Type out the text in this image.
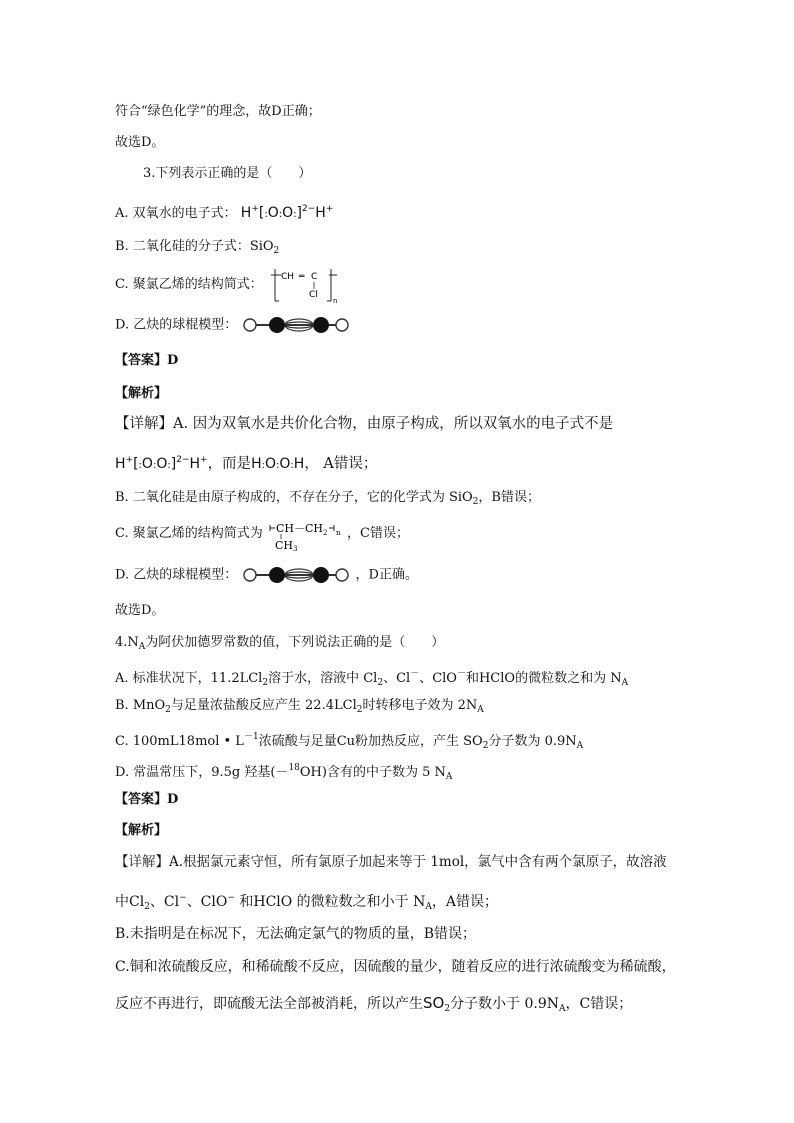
符合“绿色化学”的理念，故D正确；
故选D。
3.下列表示正确的是（　　）
A. 双氧水的电子式： H+[:O:O:]$^{2-}$H+
B. 二氧化硅的分子式：SiO$_2$
C. 聚氯乙烯的结构简式：
CH ═ C
Cl
n
D. 乙炔的球棍模型：
【答案】D
【解析】
【详解】A. 因为双氧水是共价化合物，由原子构成，所以双氧水的电子式不是
H+[:O:O:]$^{2-}$H+，而是H:O:O:H， A错误；
B. 二氧化硅是由原子构成的，不存在分子，它的化学式为 SiO$_2$，B错误；
C. 聚氯乙烯的结构简式为 CH－CH 2 n
CH 3
，C错误；
D. 乙炔的球棍模型：	，D正确。
故选D。
$4.N_A$为阿伏加德罗常数的值，下列说法正确的是（　　）
A. 标准状况下，11.2LCl$_2$溶于水，溶液中 $Cl_2$、Cl－、ClO－和HClO的微粒数之和为 $N_A$
B. MnO$_2$与足量浓盐酸反应产生 22.4LCl$_2$时转移电子效为 $2N_A$
C. 100mL18mol • $L^{-1}$浓硫酸与足量Cu粉加热反应，产生 $SO_2$分子数为 $0.9N_A$
D. 常温常压下，9.5g 羟基(－$^{18}$OH)含有的中子数为 5 $N_A$
【答案】D
【解析】
【详解】A.根据氯元素守恒，所有氯原子加起来等于 1mol，氯气中含有两个氯原子，故溶液
中$Cl_2$、Cl−、ClO− 和HClO 的微粒数之和小于 $N_A$，A错误；
B.未指明是在标况下，无法确定氯气的物质的量，B错误；
C.铜和浓硫酸反应，和稀硫酸不反应，因硫酸的量少，随着反应的进行浓硫酸变为稀硫酸，
反应不再进行，即硫酸无法全部被消耗，所以产生$SO_2$分子数小于 $0.9N_A$，C错误；
